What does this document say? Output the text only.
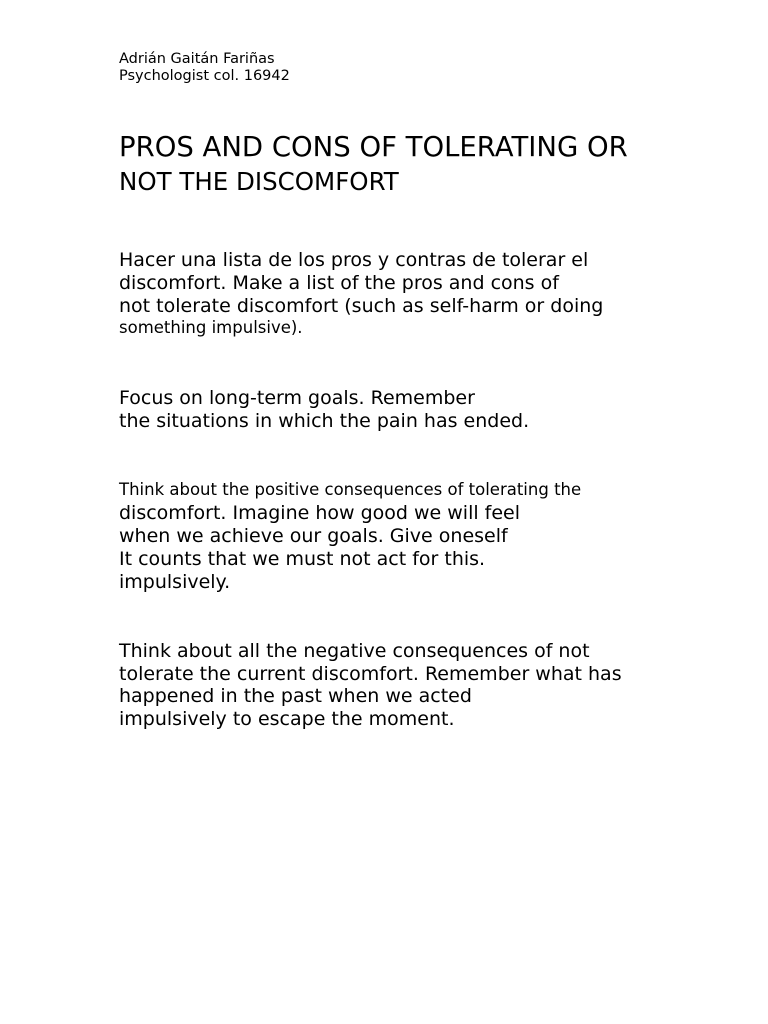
Adrián Gaitán Fariñas
Psychologist col. 16942
PROS AND CONS OF TOLERATING OR
NOT THE DISCOMFORT
Hacer una lista de los pros y contras de tolerar el
discomfort. Make a list of the pros and cons of
not tolerate discomfort (such as self-harm or doing
something impulsive).
Focus on long-term goals. Remember
the situations in which the pain has ended.
Think about the positive consequences of tolerating the
discomfort. Imagine how good we will feel
when we achieve our goals. Give oneself
It counts that we must not act for this.
impulsively.
Think about all the negative consequences of not
tolerate the current discomfort. Remember what has
happened in the past when we acted
impulsively to escape the moment.
